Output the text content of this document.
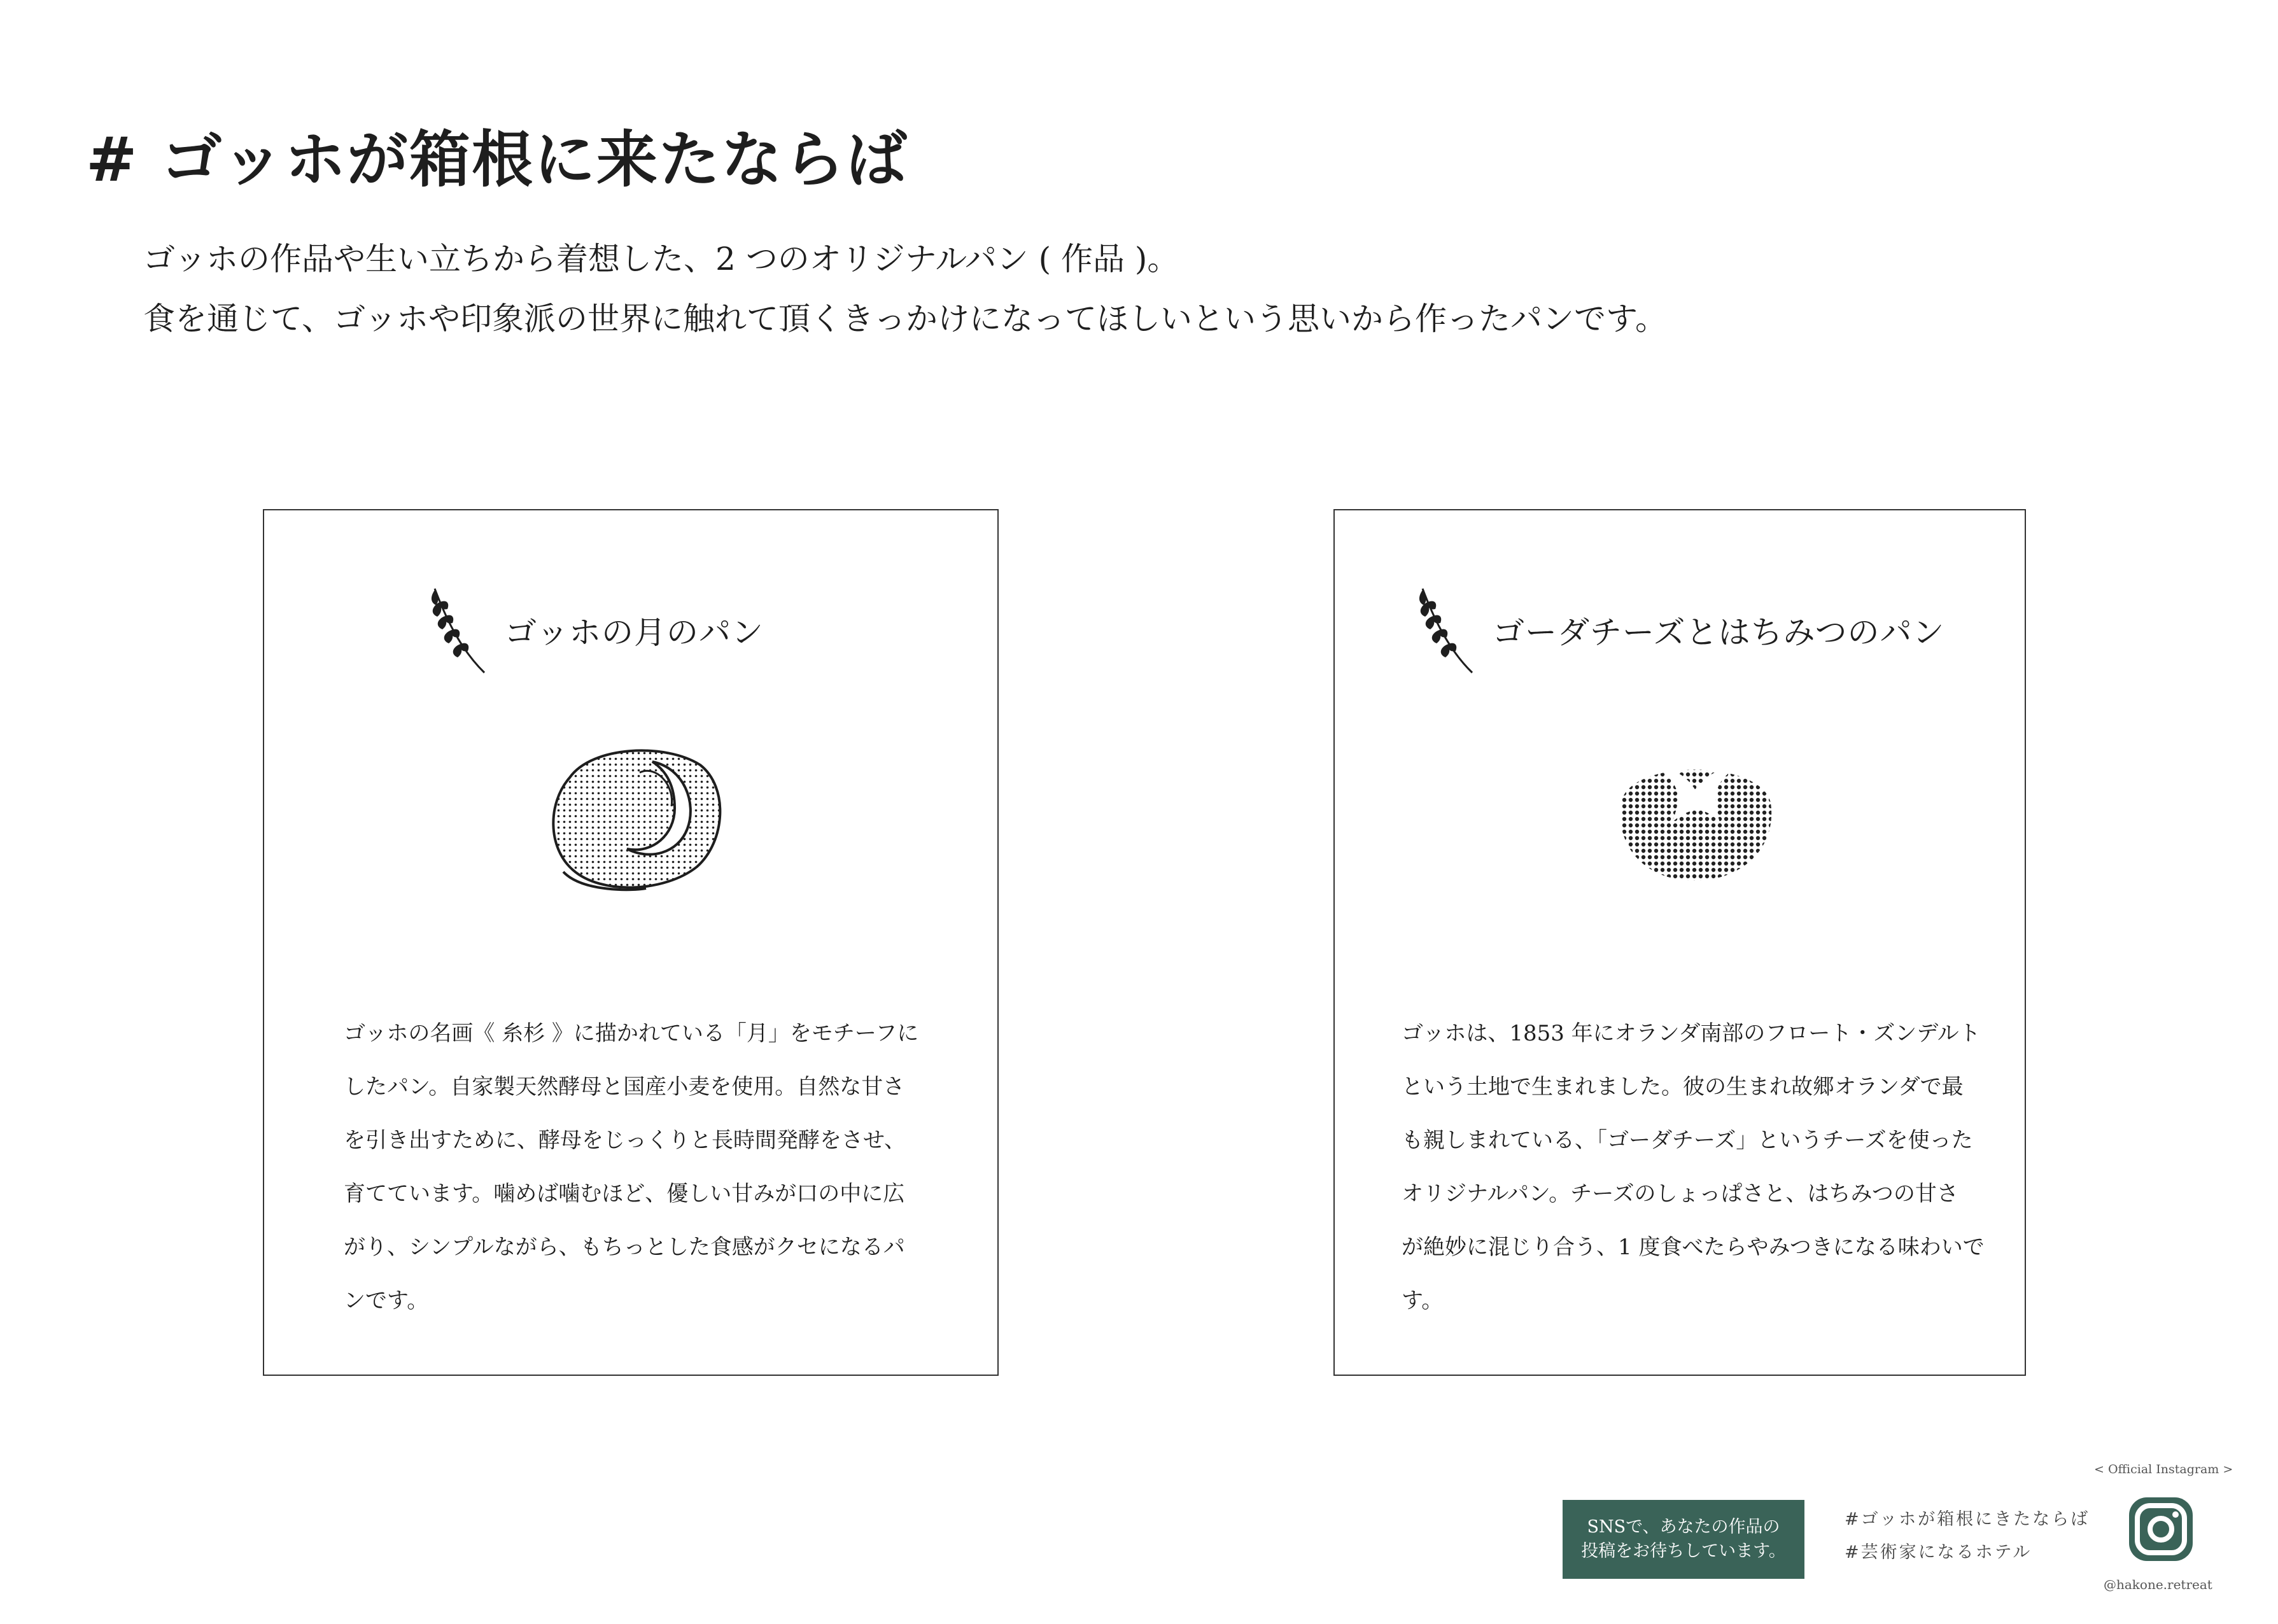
# ゴッホが箱根に来たならば

ゴッホの作品や生い立ちから着想した、2 つのオリジナルパン ( 作品 )。

食を通じて、ゴッホや印象派の世界に触れて頂くきっかけになってほしいという思いから作ったパンです。

ゴッホの月のパン

ゴッホの名画《 糸杉 》に描かれている「月」をモチーフに

したパン。自家製天然酵母と国産小麦を使用。自然な甘さ

を引き出すために、酵母をじっくりと長時間発酵をさせ、

育てています。噛めば噛むほど、優しい甘みが口の中に広

がり、シンプルながら、もちっとした食感がクセになるパ

ンです。

ゴーダチーズとはちみつのパン

ゴッホは、1853 年にオランダ南部のフロート・ズンデルト

という土地で生まれました。彼の生まれ故郷オランダで最

も親しまれている、「ゴーダチーズ」というチーズを使った

オリジナルパン。チーズのしょっぱさと、はちみつの甘さ

が絶妙に混じり合う、1 度食べたらやみつきになる味わいで

す。

SNSで、あなたの作品の
投稿をお待ちしています。
#ゴッホが箱根にきたならば
#芸術家になるホテル
< Official Instagram >
@hakone.retreat
